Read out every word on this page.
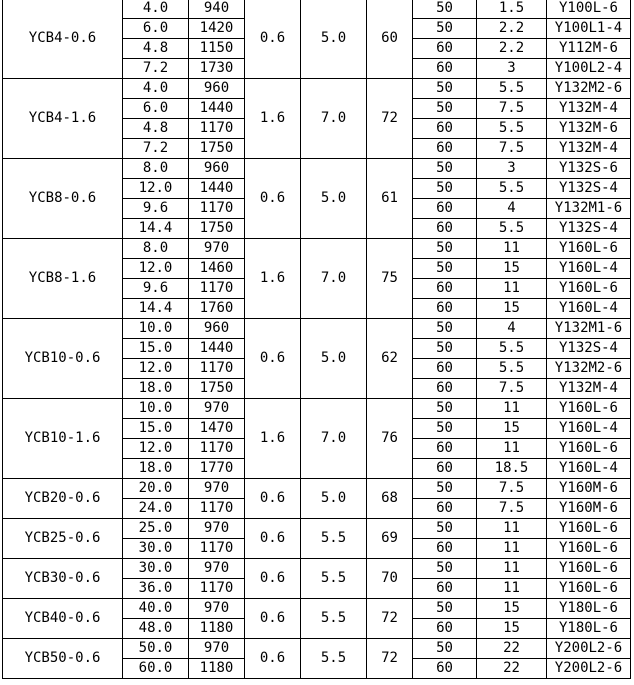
YCB4-0.6	4.0	940	0.6	5.0	60	50	1.5	Y100L-6
	6.0	1420				50	2.2	Y100L1-4
	4.8	1150				60	2.2	Y112M-6
	7.2	1730				60	3	Y100L2-4
YCB4-1.6	4.0	960	1.6	7.0	72	50	5.5	Y132M2-6
	6.0	1440				50	7.5	Y132M-4
	4.8	1170				60	5.5	Y132M-6
	7.2	1750				60	7.5	Y132M-4
YCB8-0.6	8.0	960	0.6	5.0	61	50	3	Y132S-6
	12.0	1440				50	5.5	Y132S-4
	9.6	1170				60	4	Y132M1-6
	14.4	1750				60	5.5	Y132S-4
YCB8-1.6	8.0	970	1.6	7.0	75	50	11	Y160L-6
	12.0	1460				50	15	Y160L-4
	9.6	1170				60	11	Y160L-6
	14.4	1760				60	15	Y160L-4
YCB10-0.6	10.0	960	0.6	5.0	62	50	4	Y132M1-6
	15.0	1440				50	5.5	Y132S-4
	12.0	1170				60	5.5	Y132M2-6
	18.0	1750				60	7.5	Y132M-4
YCB10-1.6	10.0	970	1.6	7.0	76	50	11	Y160L-6
	15.0	1470				50	15	Y160L-4
	12.0	1170				60	11	Y160L-6
	18.0	1770				60	18.5	Y160L-4
YCB20-0.6	20.0	970	0.6	5.0	68	50	7.5	Y160M-6
	24.0	1170				60	7.5	Y160M-6
YCB25-0.6	25.0	970	0.6	5.5	69	50	11	Y160L-6
	30.0	1170				60	11	Y160L-6
YCB30-0.6	30.0	970	0.6	5.5	70	50	11	Y160L-6
	36.0	1170				60	11	Y160L-6
YCB40-0.6	40.0	970	0.6	5.5	72	50	15	Y180L-6
	48.0	1180				60	15	Y180L-6
YCB50-0.6	50.0	970	0.6	5.5	72	50	22	Y200L2-6
	60.0	1180				60	22	Y200L2-6
